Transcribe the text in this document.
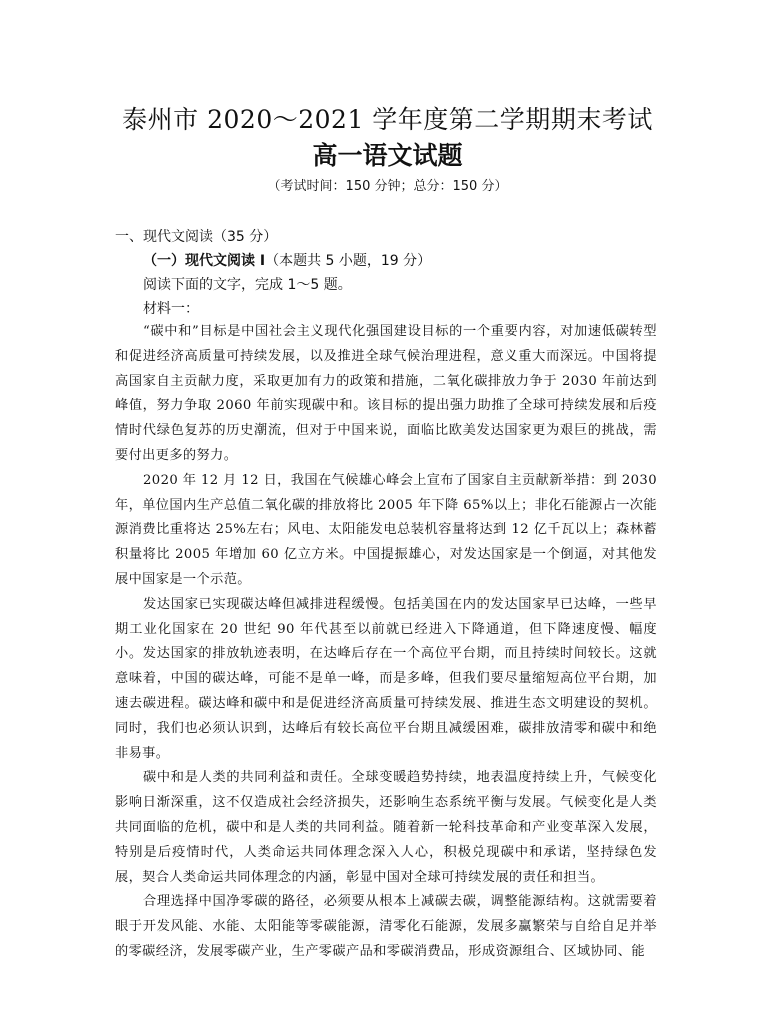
泰州市 2020～2021 学年度第二学期期末考试
高一语文试题
（考试时间：150 分钟；总分：150 分）
一、现代文阅读（35 分）
（一）现代文阅读 I（本题共 5 小题，19 分）
阅读下面的文字，完成 1～5 题。
材料一：

“碳中和”目标是中国社会主义现代化强国建设目标的一个重要内容，对加速低碳转型和促进经济高质量可持续发展，以及推进全球气候治理进程，意义重大而深远。中国将提高国家自主贡献力度，采取更加有力的政策和措施，二氧化碳排放力争于 2030 年前达到峰值，努力争取 2060 年前实现碳中和。该目标的提出强力助推了全球可持续发展和后疫情时代绿色复苏的历史潮流，但对于中国来说，面临比欧美发达国家更为艰巨的挑战，需要付出更多的努力。

2020 年 12 月 12 日，我国在气候雄心峰会上宣布了国家自主贡献新举措：到 2030 年，单位国内生产总值二氧化碳的排放将比 2005 年下降 65%以上；非化石能源占一次能源消费比重将达 25%左右；风电、太阳能发电总装机容量将达到 12 亿千瓦以上；森林蓄积量将比 2005 年增加 60 亿立方米。中国提振雄心，对发达国家是一个倒逼，对其他发展中国家是一个示范。

发达国家已实现碳达峰但减排进程缓慢。包括美国在内的发达国家早已达峰，一些早期工业化国家在 20 世纪 90 年代甚至以前就已经进入下降通道，但下降速度慢、幅度小。发达国家的排放轨迹表明，在达峰后存在一个高位平台期，而且持续时间较长。这就意味着，中国的碳达峰，可能不是单一峰，而是多峰，但我们要尽量缩短高位平台期，加速去碳进程。碳达峰和碳中和是促进经济高质量可持续发展、推进生态文明建设的契机。同时，我们也必须认识到，达峰后有较长高位平台期且减缓困难，碳排放清零和碳中和绝非易事。

碳中和是人类的共同利益和责任。全球变暖趋势持续，地表温度持续上升，气候变化影响日渐深重，这不仅造成社会经济损失，还影响生态系统平衡与发展。气候变化是人类共同面临的危机，碳中和是人类的共同利益。随着新一轮科技革命和产业变革深入发展，特别是后疫情时代，人类命运共同体理念深入人心，积极兑现碳中和承诺，坚持绿色发展，契合人类命运共同体理念的内涵，彰显中国对全球可持续发展的责任和担当。

合理选择中国净零碳的路径，必须要从根本上减碳去碳，调整能源结构。这就需要着眼于开发风能、水能、太阳能等零碳能源，清零化石能源，发展多赢繁荣与自给自足并举的零碳经济，发展零碳产业，生产零碳产品和零碳消费品，形成资源组合、区域协同、能
